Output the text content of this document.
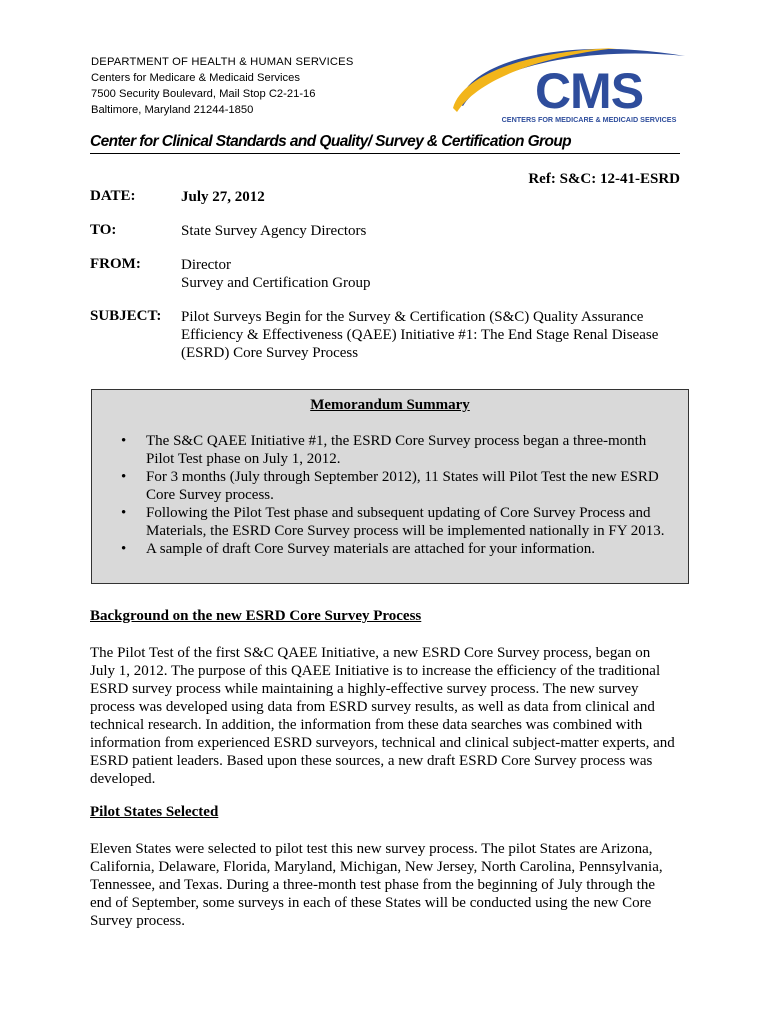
DEPARTMENT OF HEALTH & HUMAN SERVICES
Centers for Medicare & Medicaid Services
7500 Security Boulevard, Mail Stop C2-21-16
Baltimore, Maryland 21244-1850	CMS
CENTERS FOR MEDICARE & MEDICAID SERVICES
Center for Clinical Standards and Quality/ Survey & Certification Group
Ref: S&C: 12-41-ESRD
DATE:	July 27, 2012
TO:	State Survey Agency Directors
FROM:	Director
Survey and Certification Group
SUBJECT: Pilot Surveys Begin for the Survey & Certification (S&C) Quality Assurance
Efficiency & Effectiveness (QAEE) Initiative #1: The End Stage Renal Disease
(ESRD) Core Survey Process
Memorandum Summary
• The S&C QAEE Initiative #1, the ESRD Core Survey process began a three-month
Pilot Test phase on July 1, 2012.
• For 3 months (July through September 2012), 11 States will Pilot Test the new ESRD
Core Survey process.
• Following the Pilot Test phase and subsequent updating of Core Survey Process and
Materials, the ESRD Core Survey process will be implemented nationally in FY 2013.
• A sample of draft Core Survey materials are attached for your information.
Background on the new ESRD Core Survey Process
The Pilot Test of the first S&C QAEE Initiative, a new ESRD Core Survey process, began on
July 1, 2012. The purpose of this QAEE Initiative is to increase the efficiency of the traditional
ESRD survey process while maintaining a highly-effective survey process. The new survey
process was developed using data from ESRD survey results, as well as data from clinical and
technical research. In addition, the information from these data searches was combined with
information from experienced ESRD surveyors, technical and clinical subject-matter experts, and
ESRD patient leaders. Based upon these sources, a new draft ESRD Core Survey process was
developed.
Pilot States Selected
Eleven States were selected to pilot test this new survey process. The pilot States are Arizona,
California, Delaware, Florida, Maryland, Michigan, New Jersey, North Carolina, Pennsylvania,
Tennessee, and Texas. During a three-month test phase from the beginning of July through the
end of September, some surveys in each of these States will be conducted using the new Core
Survey process.
